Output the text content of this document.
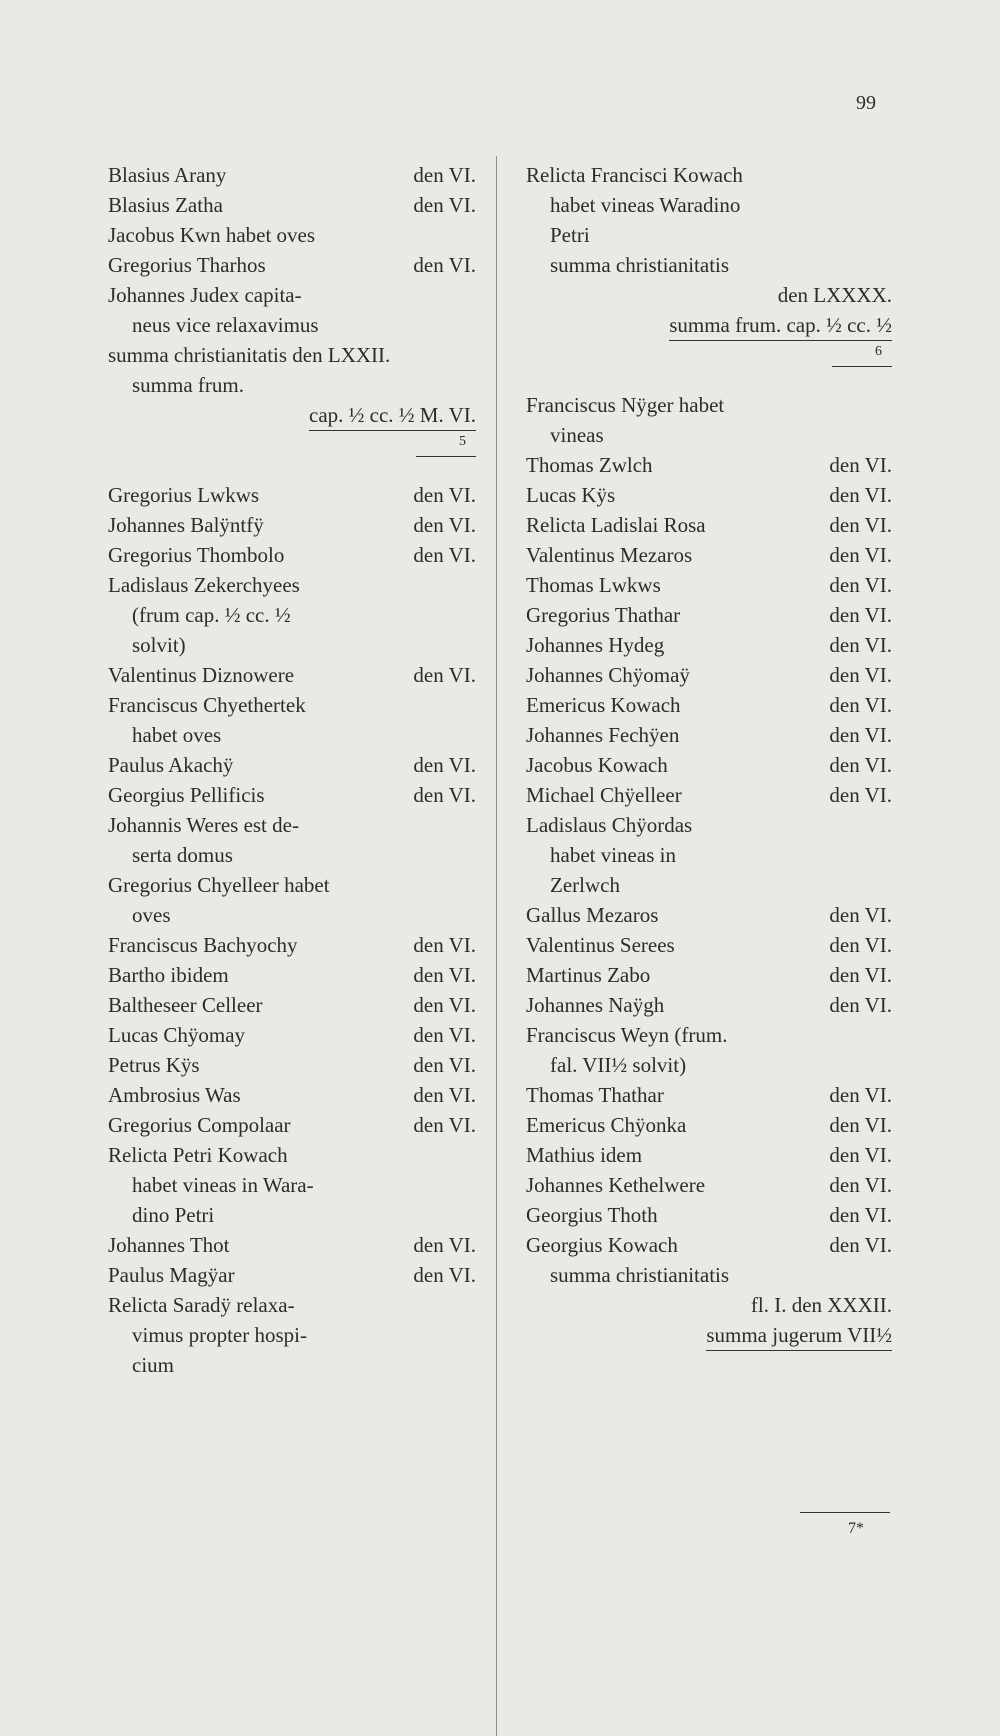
99
Blasius Arany	den VI.
Blasius Zatha	den VI.
Jacobus Kwn habet oves
Gregorius Tharhos	den VI.
Johannes Judex capita-
neus vice relaxavimus
summa christianitatis den LXXII.
summa frum.
cap. ½ cc. ½ M. VI.
5
Gregorius Lwkws	den VI.
Johannes Balÿntfÿ	den VI.
Gregorius Thombolo	den VI.
Ladislaus Zekerchyees
(frum cap. ½ cc. ½
solvit)
Valentinus Diznowere	den VI.
Franciscus Chyethertek
habet oves
Paulus Akachÿ	den VI.
Georgius Pellificis	den VI.
Johannis Weres est de-
serta domus
Gregorius Chyelleer habet
oves
Franciscus Bachyochy	den VI.
Bartho ibidem	den VI.
Baltheseer Celleer	den VI.
Lucas Chÿomay	den VI.
Petrus Kÿs	den VI.
Ambrosius Was	den VI.
Gregorius Compolaar	den VI.
Relicta Petri Kowach
habet vineas in Wara-
dino Petri
Johannes Thot	den VI.
Paulus Magÿar	den VI.
Relicta Saradÿ relaxa-
vimus propter hospi-
cium
Relicta Francisci Kowach
habet vineas Waradino
Petri
summa christianitatis
den LXXXX.
summa frum. cap. ½ cc. ½
6
Franciscus Nÿger habet
vineas
Thomas Zwlch	den VI.
Lucas Kÿs	den VI.
Relicta Ladislai Rosa	den VI.
Valentinus Mezaros	den VI.
Thomas Lwkws	den VI.
Gregorius Thathar	den VI.
Johannes Hydeg	den VI.
Johannes Chÿomaÿ	den VI.
Emericus Kowach	den VI.
Johannes Fechÿen	den VI.
Jacobus Kowach	den VI.
Michael Chÿelleer	den VI.
Ladislaus Chÿordas
habet vineas in
Zerlwch
Gallus Mezaros	den VI.
Valentinus Serees	den VI.
Martinus Zabo	den VI.
Johannes Naÿgh	den VI.
Franciscus Weyn (frum.
fal. VII½ solvit)
Thomas Thathar	den VI.
Emericus Chÿonka	den VI.
Mathius idem	den VI.
Johannes Kethelwere	den VI.
Georgius Thoth	den VI.
Georgius Kowach	den VI.
summa christianitatis
fl. I. den XXXII.
summa jugerum VII½
7*
